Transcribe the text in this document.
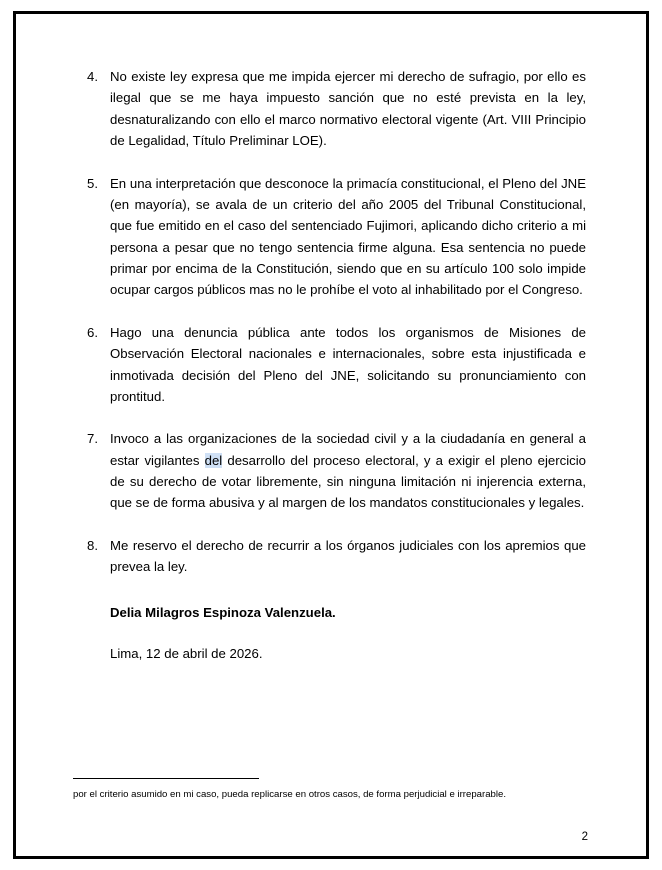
4. No existe ley expresa que me impida ejercer mi derecho de sufragio, por ello es ilegal que se me haya impuesto sanción que no esté prevista en la ley, desnaturalizando con ello el marco normativo electoral vigente (Art. VIII Principio de Legalidad, Título Preliminar LOE).
5. En una interpretación que desconoce la primacía constitucional, el Pleno del JNE (en mayoría), se avala de un criterio del año 2005 del Tribunal Constitucional, que fue emitido en el caso del sentenciado Fujimori, aplicando dicho criterio a mi persona a pesar que no tengo sentencia firme alguna. Esa sentencia no puede primar por encima de la Constitución, siendo que en su artículo 100 solo impide ocupar cargos públicos mas no le prohíbe el voto al inhabilitado por el Congreso.
6. Hago una denuncia pública ante todos los organismos de Misiones de Observación Electoral nacionales e internacionales, sobre esta injustificada e inmotivada decisión del Pleno del JNE, solicitando su pronunciamiento con prontitud.
7. Invoco a las organizaciones de la sociedad civil y a la ciudadanía en general a estar vigilantes del desarrollo del proceso electoral, y a exigir el pleno ejercicio de su derecho de votar libremente, sin ninguna limitación ni injerencia externa, que se de forma abusiva y al margen de los mandatos constitucionales y legales.
8. Me reservo el derecho de recurrir a los órganos judiciales con los apremios que prevea la ley.
Delia Milagros Espinoza Valenzuela.
Lima, 12 de abril de 2026.
por el criterio asumido en mi caso, pueda replicarse en otros casos, de forma perjudicial e irreparable.
2
